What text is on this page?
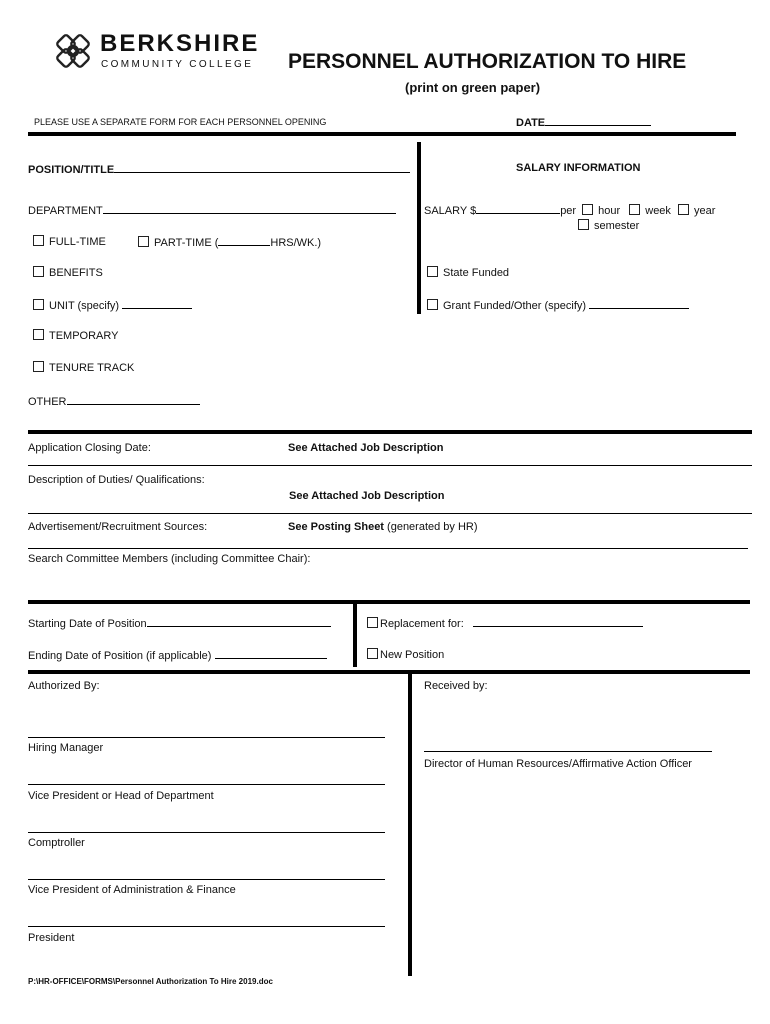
BERKSHIRE
COMMUNITY COLLEGE PERSONNEL AUTHORIZATION TO HIRE
(print on green paper)
PLEASE USE A SEPARATE FORM FOR EACH PERSONNEL OPENING	DATE
POSITION/TITLE
DEPARTMENT
FULL-TIME	PART-TIME (	HRS/WK.)
BENEFITS
UNIT (specify)
TEMPORARY
TENURE TRACK
OTHER
SALARY INFORMATION
SALARY $	per hour week year
semester
State Funded
Grant Funded/Other (specify)
Application Closing Date:	See Attached Job Description
Description of Duties/ Qualifications:
See Attached Job Description
Advertisement/Recruitment Sources:	See Posting Sheet (generated by HR)
Search Committee Members (including Committee Chair):
Starting Date of Position
Ending Date of Position (if applicable)
Replacement for:
New Position
Authorized By:	Received by:
Hiring Manager
Director of Human Resources/Affirmative Action Officer
Vice President or Head of Department
Comptroller
Vice President of Administration & Finance
President
P:\HR-OFFICE\FORMS\Personnel Authorization To Hire 2019.doc
